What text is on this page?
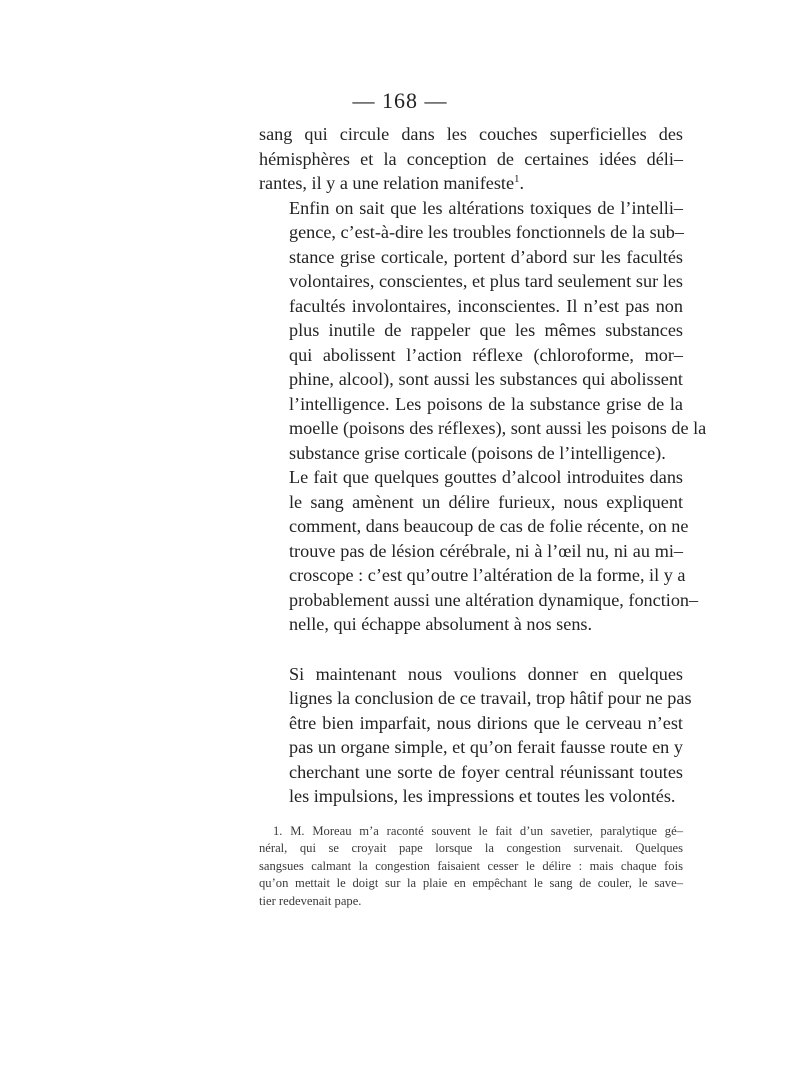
— 168 —

sang qui circule dans les couches superficielles des
hémisphères et la conception de certaines idées déli–
rantes, il y a une relation manifeste$^1$.

Enfin on sait que les altérations toxiques de l’intelli–
gence, c’est-à-dire les troubles fonctionnels de la sub–
stance grise corticale, portent d’abord sur les facultés
volontaires, conscientes, et plus tard seulement sur les
facultés involontaires, inconscientes. Il n’est pas non
plus inutile de rappeler que les mêmes substances
qui abolissent l’action réflexe (chloroforme, mor–
phine, alcool), sont aussi les substances qui abolissent
l’intelligence. Les poisons de la substance grise de la
moelle (poisons des réflexes), sont aussi les poisons de la
substance grise corticale (poisons de l’intelligence).

Le fait que quelques gouttes d’alcool introduites dans
le sang amènent un délire furieux, nous expliquent
comment, dans beaucoup de cas de folie récente, on ne
trouve pas de lésion cérébrale, ni à l’œil nu, ni au mi–
croscope : c’est qu’outre l’altération de la forme, il y a
probablement aussi une altération dynamique, fonction–
nelle, qui échappe absolument à nos sens.

Si maintenant nous voulions donner en quelques
lignes la conclusion de ce travail, trop hâtif pour ne pas
être bien imparfait, nous dirions que le cerveau n’est
pas un organe simple, et qu’on ferait fausse route en y
cherchant une sorte de foyer central réunissant toutes
les impulsions, les impressions et toutes les volontés.

1. M. Moreau m’a raconté souvent le fait d’un savetier, paralytique gé–
néral, qui se croyait pape lorsque la congestion survenait. Quelques
sangsues calmant la congestion faisaient cesser le délire : mais chaque fois
qu’on mettait le doigt sur la plaie en empêchant le sang de couler, le save–
tier redevenait pape.
